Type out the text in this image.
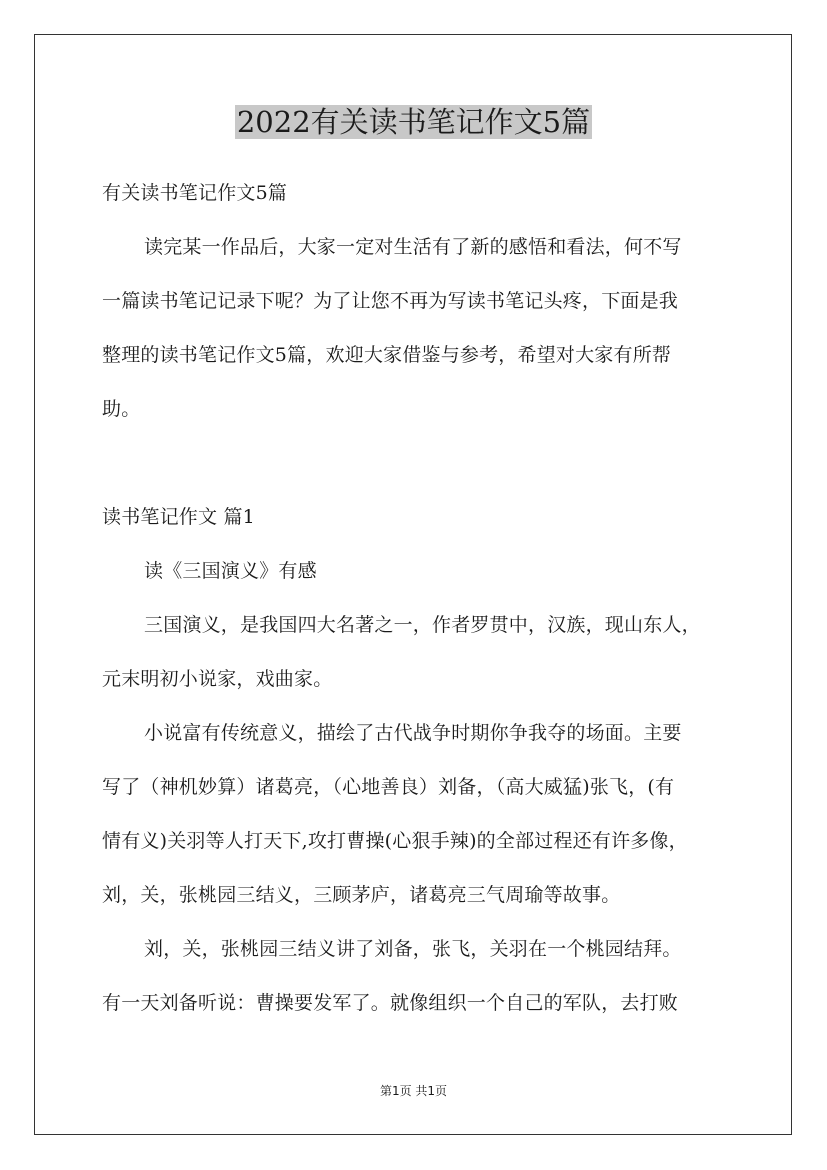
2022有关读书笔记作文5篇

有关读书笔记作文5篇

读完某一作品后，大家一定对生活有了新的感悟和看法，何不写

一篇读书笔记记录下呢？为了让您不再为写读书笔记头疼，下面是我

整理的读书笔记作文5篇，欢迎大家借鉴与参考，希望对大家有所帮

助。

读书笔记作文 篇1

读《三国演义》有感

三国演义，是我国四大名著之一，作者罗贯中，汉族，现山东人，

元末明初小说家，戏曲家。

小说富有传统意义，描绘了古代战争时期你争我夺的场面。主要

写了（神机妙算）诸葛亮，（心地善良）刘备，（高大威猛)张飞，(有

情有义)关羽等人打天下,攻打曹操(心狠手辣)的全部过程还有许多像，

刘，关，张桃园三结义，三顾茅庐，诸葛亮三气周瑜等故事。

刘，关，张桃园三结义讲了刘备，张飞，关羽在一个桃园结拜。

有一天刘备听说：曹操要发军了。就像组织一个自己的军队，去打败

第1页 共1页
